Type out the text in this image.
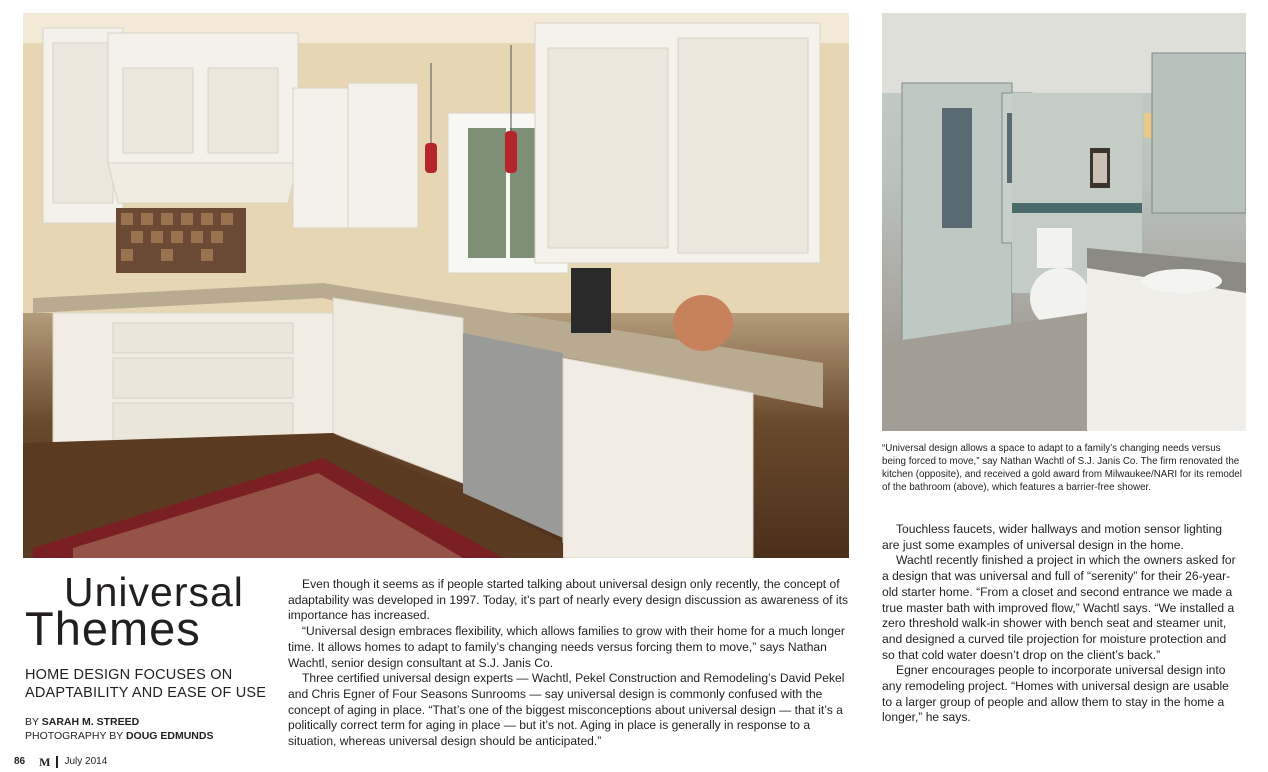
“Universal design allows a space to adapt to a family’s changing needs versus being forced to move,” say Nathan Wachtl of S.J. Janis Co. The firm renovated the kitchen (opposite), and received a gold award from Milwaukee/NARI for its remodel of the bathroom (above), which features a barrier-free shower.
Universal
Themes
HOME DESIGN FOCUSES ON ADAPTABILITY AND EASE OF USE
BY SARAH M. STREED
PHOTOGRAPHY BY DOUG EDMUNDS

Even though it seems as if people started talking about universal design only recently, the concept of adaptability was developed in 1997. Today, it’s part of nearly every design discussion as awareness of its importance has increased.

“Universal design embraces flexibility, which allows families to grow with their home for a much longer time. It allows homes to adapt to family’s changing needs versus forcing them to move,” says Nathan Wachtl, senior design consultant at S.J. Janis Co.

Three certified universal design experts — Wachtl, Pekel Construction and Remodeling’s David Pekel and Chris Egner of Four Seasons Sunrooms — say universal design is commonly confused with the concept of aging in place. “That’s one of the biggest misconceptions about universal design — that it’s a politically correct term for aging in place — but it’s not. Aging in place is generally in response to a situation, whereas universal design should be anticipated.”

Touchless faucets, wider hallways and motion sensor lighting are just some examples of universal design in the home.

Wachtl recently finished a project in which the owners asked for a design that was universal and full of “serenity” for their 26-year-old starter home. “From a closet and second entrance we made a true master bath with improved flow,” Wachtl says. “We installed a zero threshold walk-in shower with bench seat and steamer unit, and designed a curved tile projection for moisture protection and so that cold water doesn’t drop on the client’s back.”

Egner encourages people to incorporate universal design into any remodeling project. “Homes with universal design are usable to a larger group of people and allow them to stay in the home a longer,” he says.

86 M July 2014
